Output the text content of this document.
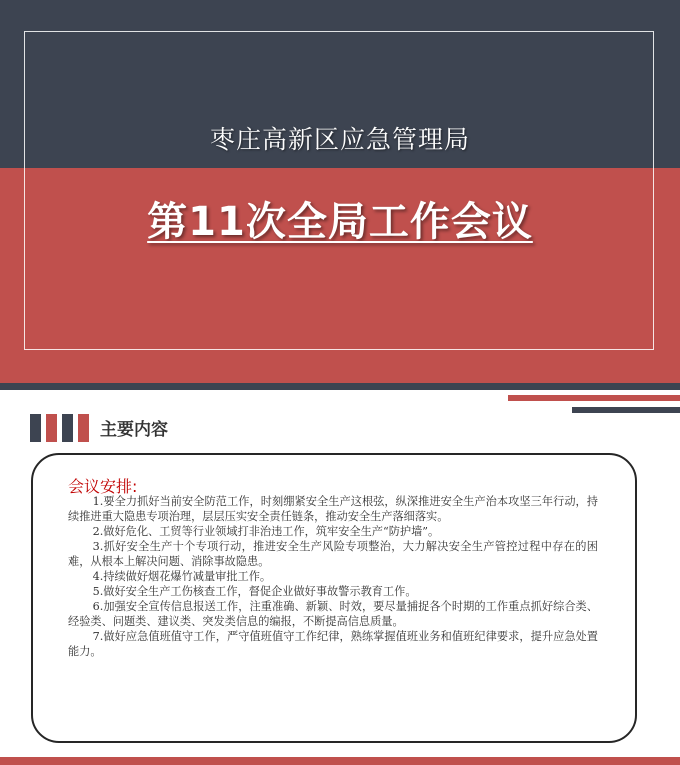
枣庄高新区应急管理局
第11次全局工作会议
主要内容
会议安排:

1.要全力抓好当前安全防范工作，时刻绷紧安全生产这根弦，纵深推进安全生产治本攻坚三年行动，持续推进重大隐患专项治理，层层压实安全责任链条，推动安全生产落细落实。

2.做好危化、工贸等行业领域打非治违工作，筑牢安全生产“防护墙”。

3.抓好安全生产十个专项行动，推进安全生产风险专项整治，大力解决安全生产管控过程中存在的困难，从根本上解决问题、消除事故隐患。

4.持续做好烟花爆竹减量审批工作。

5.做好安全生产工伤核查工作，督促企业做好事故警示教育工作。

6.加强安全宣传信息报送工作，注重准确、新颖、时效，要尽量捕捉各个时期的工作重点抓好综合类、经验类、问题类、建议类、突发类信息的编报，不断提高信息质量。

7.做好应急值班值守工作，严守值班值守工作纪律，熟练掌握值班业务和值班纪律要求，提升应急处置能力。
